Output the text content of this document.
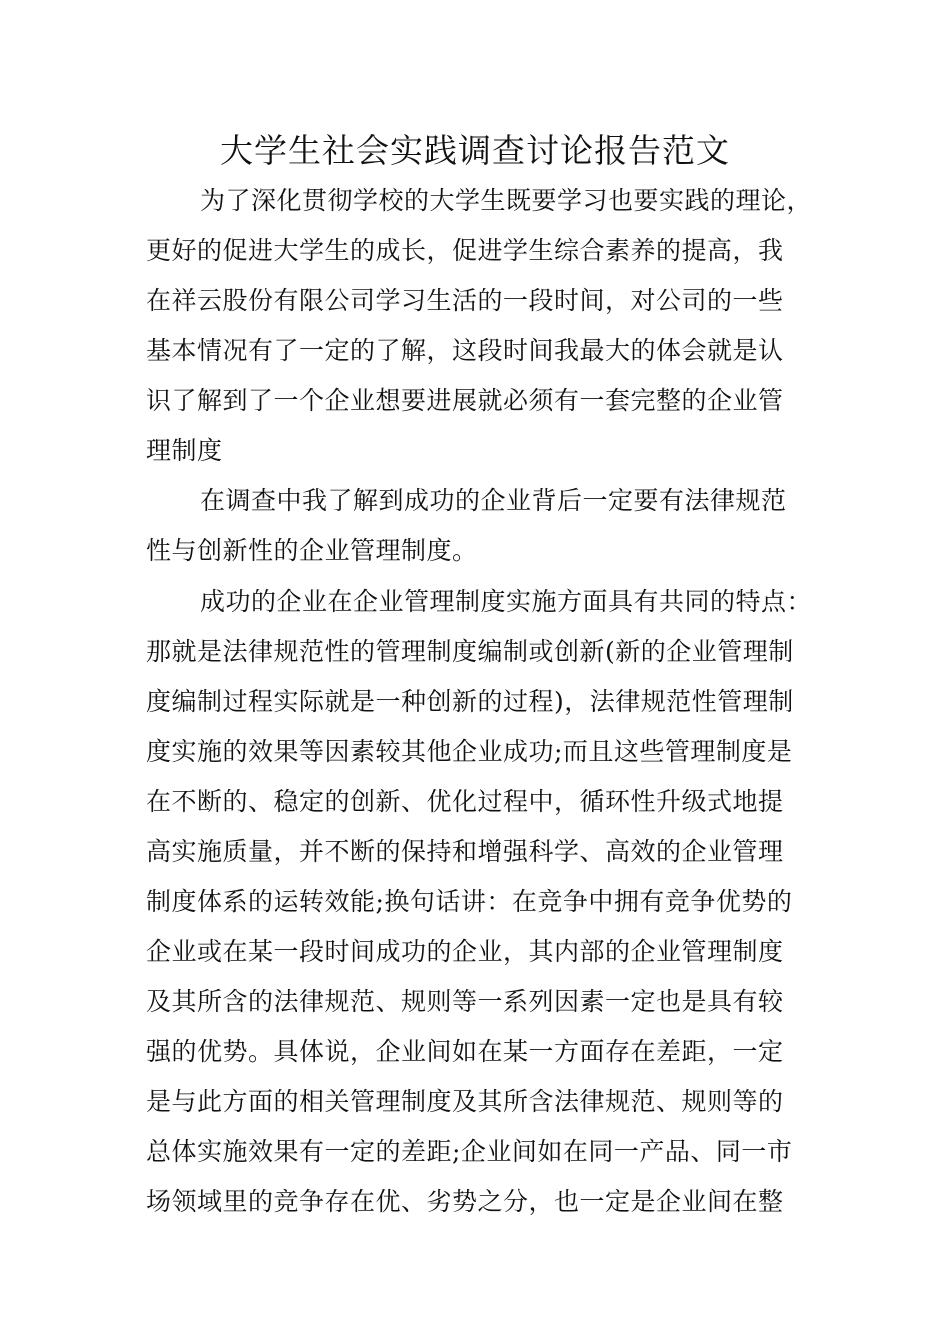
大学生社会实践调查讨论报告范文
为了深化贯彻学校的大学生既要学习也要实践的理论，
更好的促进大学生的成长，促进学生综合素养的提高，我
在祥云股份有限公司学习生活的一段时间，对公司的一些
基本情况有了一定的了解，这段时间我最大的体会就是认
识了解到了一个企业想要进展就必须有一套完整的企业管
理制度
在调查中我了解到成功的企业背后一定要有法律规范
性与创新性的企业管理制度。
成功的企业在企业管理制度实施方面具有共同的特点：
那就是法律规范性的管理制度编制或创新(新的企业管理制
度编制过程实际就是一种创新的过程)，法律规范性管理制
度实施的效果等因素较其他企业成功;而且这些管理制度是
在不断的、稳定的创新、优化过程中，循环性升级式地提
高实施质量，并不断的保持和增强科学、高效的企业管理
制度体系的运转效能;换句话讲：在竞争中拥有竞争优势的
企业或在某一段时间成功的企业，其内部的企业管理制度
及其所含的法律规范、规则等一系列因素一定也是具有较
强的优势。具体说，企业间如在某一方面存在差距，一定
是与此方面的相关管理制度及其所含法律规范、规则等的
总体实施效果有一定的差距;企业间如在同一产品、同一市
场领域里的竞争存在优、劣势之分，也一定是企业间在整
